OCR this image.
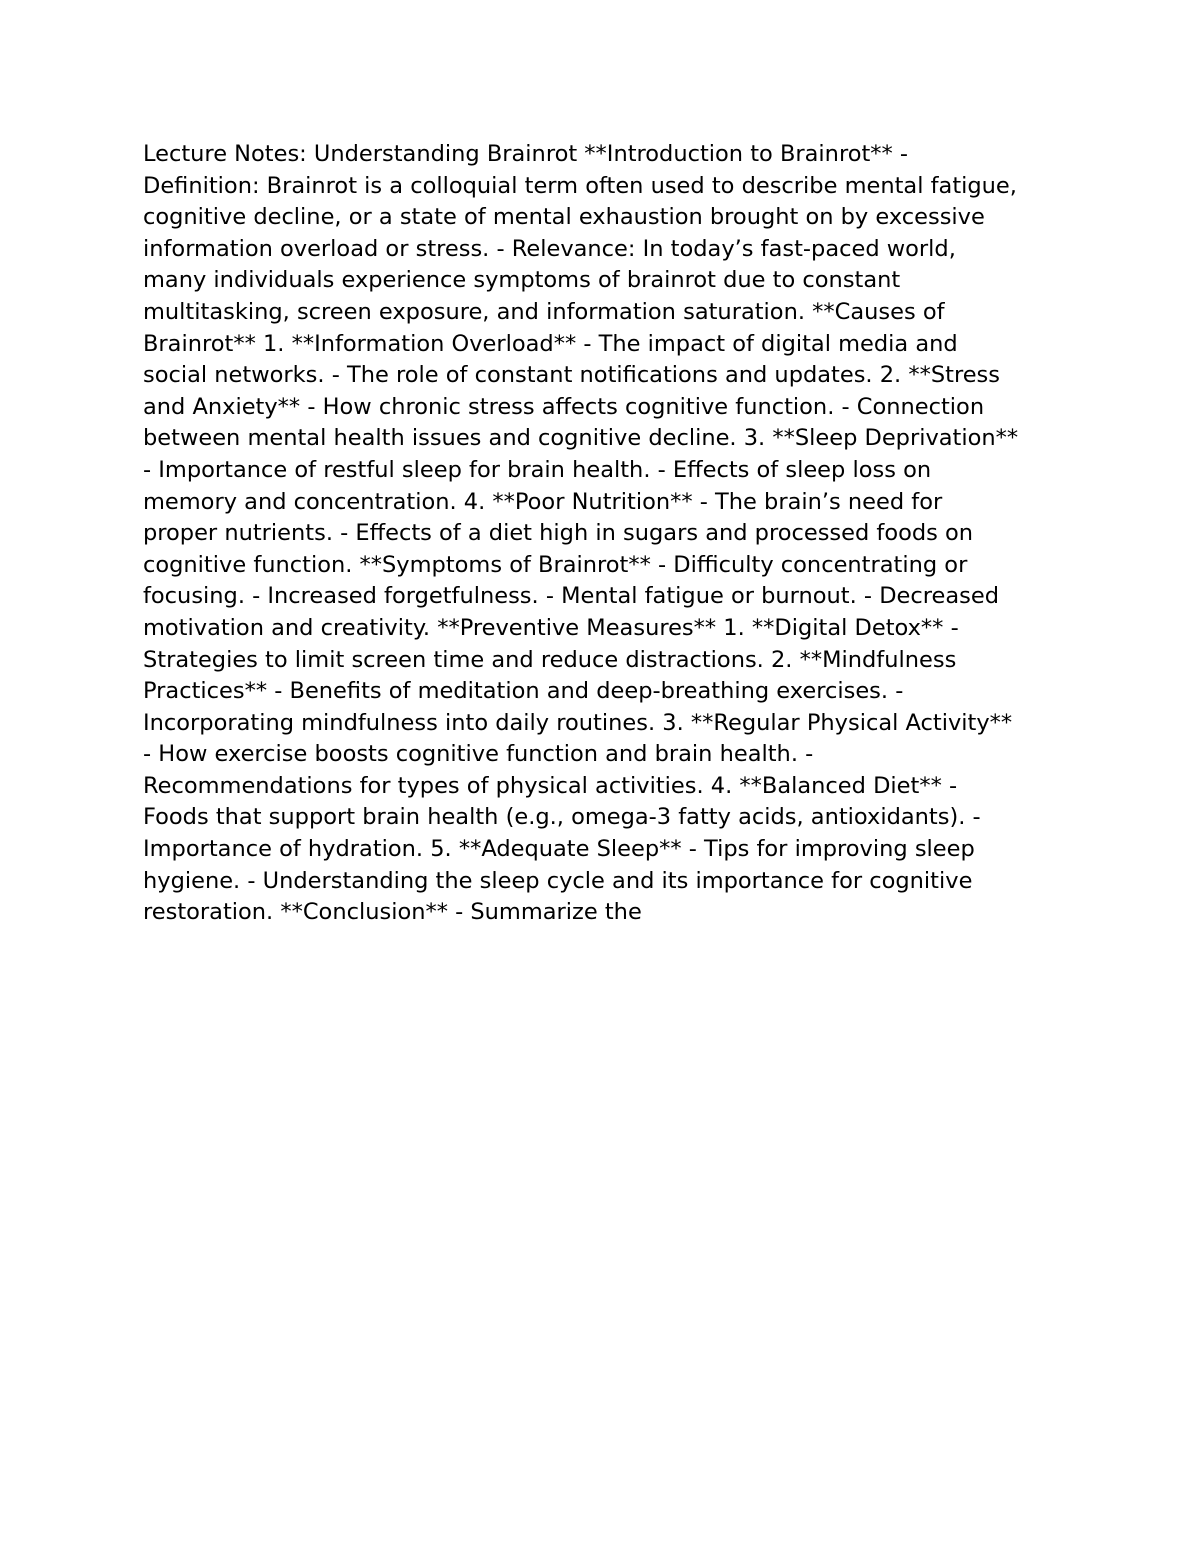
Lecture Notes: Understanding Brainrot **Introduction to Brainrot** -
Definition: Brainrot is a colloquial term often used to describe mental fatigue,
cognitive decline, or a state of mental exhaustion brought on by excessive
information overload or stress. - Relevance: In today’s fast-paced world,
many individuals experience symptoms of brainrot due to constant
multitasking, screen exposure, and information saturation. **Causes of
Brainrot** 1. **Information Overload** - The impact of digital media and
social networks. - The role of constant notifications and updates. 2. **Stress
and Anxiety** - How chronic stress affects cognitive function. - Connection
between mental health issues and cognitive decline. 3. **Sleep Deprivation**
- Importance of restful sleep for brain health. - Effects of sleep loss on
memory and concentration. 4. **Poor Nutrition** - The brain’s need for
proper nutrients. - Effects of a diet high in sugars and processed foods on
cognitive function. **Symptoms of Brainrot** - Difficulty concentrating or
focusing. - Increased forgetfulness. - Mental fatigue or burnout. - Decreased
motivation and creativity. **Preventive Measures** 1. **Digital Detox** -
Strategies to limit screen time and reduce distractions. 2. **Mindfulness
Practices** - Benefits of meditation and deep-breathing exercises. -
Incorporating mindfulness into daily routines. 3. **Regular Physical Activity**
- How exercise boosts cognitive function and brain health. -
Recommendations for types of physical activities. 4. **Balanced Diet** -
Foods that support brain health (e.g., omega-3 fatty acids, antioxidants). -
Importance of hydration. 5. **Adequate Sleep** - Tips for improving sleep
hygiene. - Understanding the sleep cycle and its importance for cognitive
restoration. **Conclusion** - Summarize the
